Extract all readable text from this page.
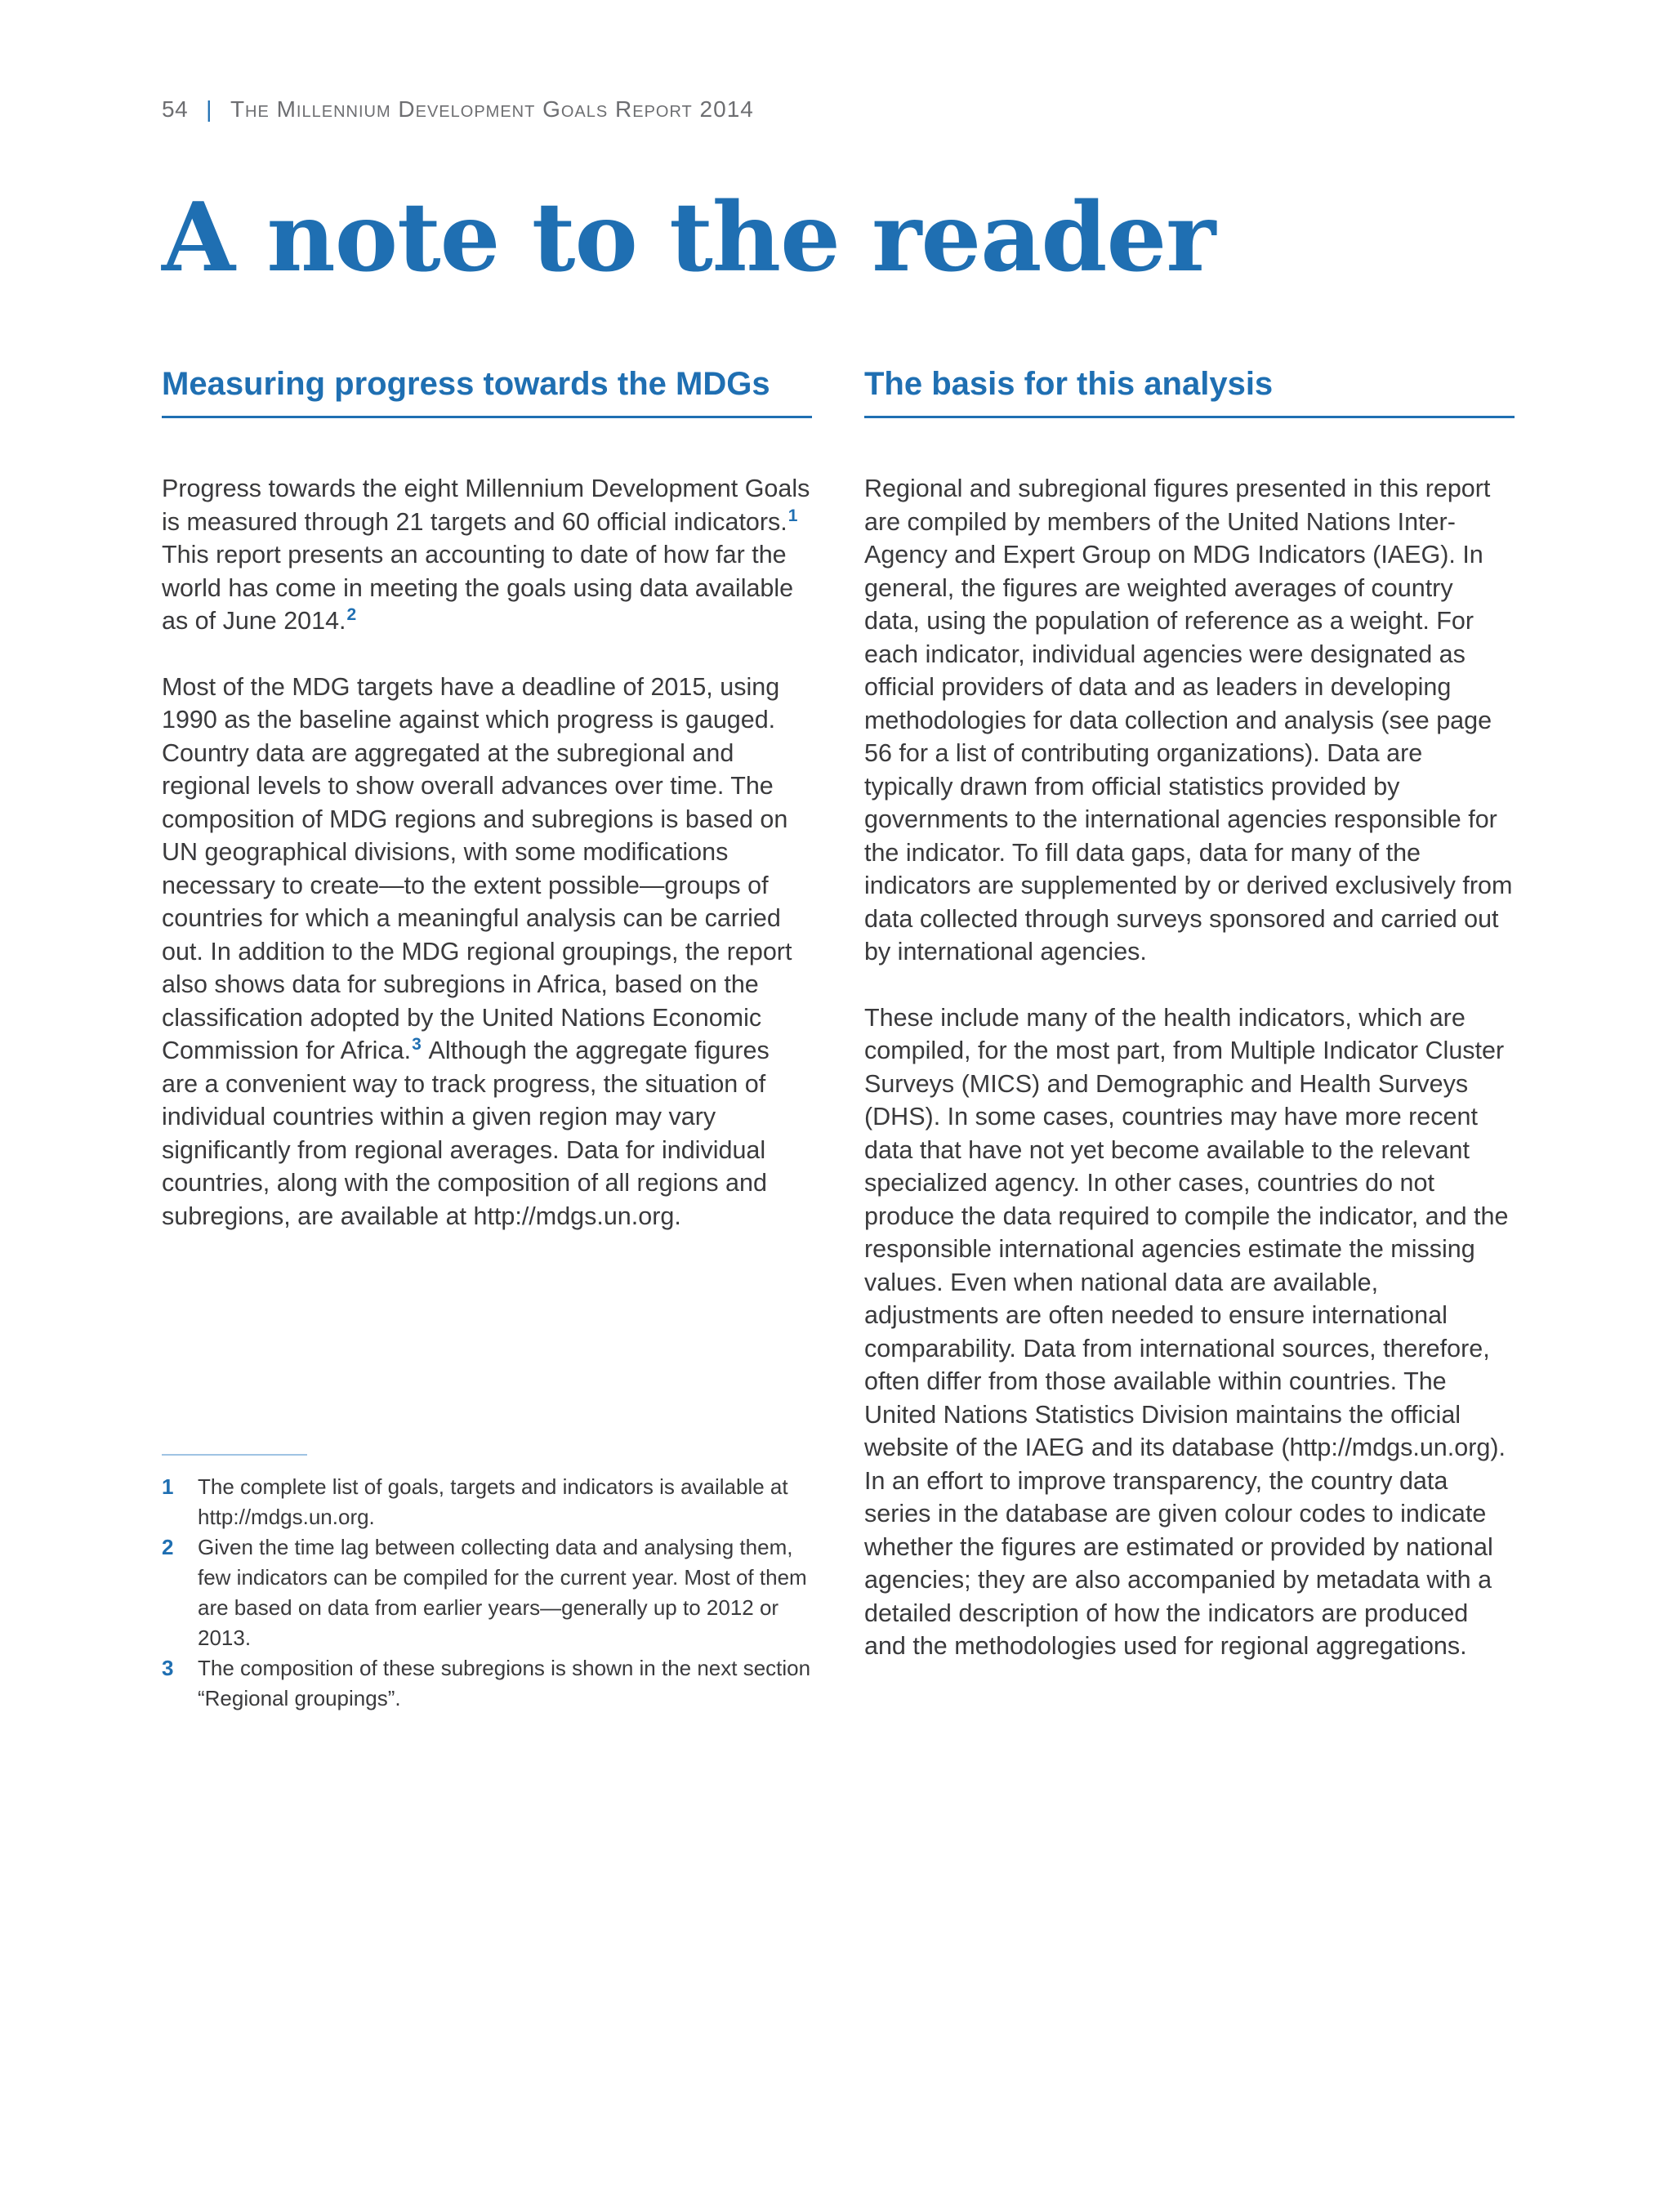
54 | The Millennium Development Goals Report 2014
A note to the reader
Measuring progress towards the MDGs

Progress towards the eight Millennium Development Goals is measured through 21 targets and 60 official indicators.$^1$ This report presents an accounting to date of how far the world has come in meeting the goals using data available as of June 2014.$^2$

Most of the MDG targets have a deadline of 2015, using 1990 as the baseline against which progress is gauged. Country data are aggregated at the subregional and regional levels to show overall advances over time. The composition of MDG regions and subregions is based on UN geographical divisions, with some modifications necessary to create—to the extent possible—groups of countries for which a meaningful analysis can be carried out. In addition to the MDG regional groupings, the report also shows data for subregions in Africa, based on the classification adopted by the United Nations Economic Commission for Africa.$^3$ Although the aggregate figures are a convenient way to track progress, the situation of individual countries within a given region may vary significantly from regional averages. Data for individual countries, along with the composition of all regions and subregions, are available at http://mdgs.un.org.

The basis for this analysis

Regional and subregional figures presented in this report are compiled by members of the United Nations Inter-Agency and Expert Group on MDG Indicators (IAEG). In general, the figures are weighted averages of country data, using the population of reference as a weight. For each indicator, individual agencies were designated as official providers of data and as leaders in developing methodologies for data collection and analysis (see page 56 for a list of contributing organizations). Data are typically drawn from official statistics provided by governments to the international agencies responsible for the indicator. To fill data gaps, data for many of the indicators are supplemented by or derived exclusively from data collected through surveys sponsored and carried out by international agencies.

These include many of the health indicators, which are compiled, for the most part, from Multiple Indicator Cluster Surveys (MICS) and Demographic and Health Surveys (DHS). In some cases, countries may have more recent data that have not yet become available to the relevant specialized agency. In other cases, countries do not produce the data required to compile the indicator, and the responsible international agencies estimate the missing values. Even when national data are available, adjustments are often needed to ensure international comparability. Data from international sources, therefore, often differ from those available within countries. The United Nations Statistics Division maintains the official website of the IAEG and its database (http://mdgs.un.org). In an effort to improve transparency, the country data series in the database are given colour codes to indicate whether the figures are estimated or provided by national agencies; they are also accompanied by metadata with a detailed description of how the indicators are produced and the methodologies used for regional aggregations.

1	The complete list of goals, targets and indicators is available at http://mdgs.un.org.
2	Given the time lag between collecting data and analysing them, few indicators can be compiled for the current year. Most of them are based on data from earlier years—generally up to 2012 or 2013.
3	The composition of these subregions is shown in the next section “Regional groupings”.
